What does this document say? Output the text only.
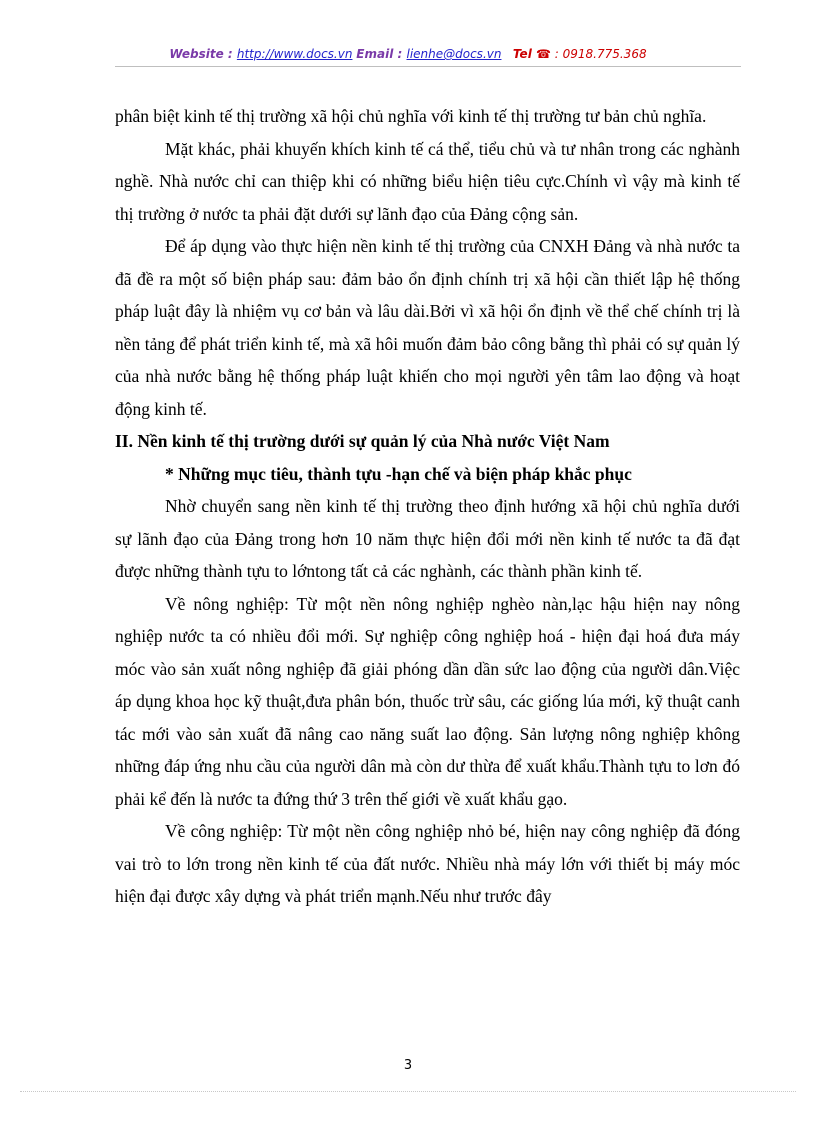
Website : http://www.docs.vn Email : lienhe@docs.vn Tel ☎ : 0918.775.368

phân biệt kinh tế thị trường xã hội chủ nghĩa với kinh tế thị trường tư bản chủ nghĩa.

Mặt khác, phải khuyến khích kinh tế cá thể, tiểu chủ và tư nhân trong các nghành nghề. Nhà nước chỉ can thiệp khi có những biểu hiện tiêu cực.Chính vì vậy mà kinh tế thị trường ở nước ta phải đặt dưới sự lãnh đạo của Đảng cộng sản.

Để áp dụng vào thực hiện nền kinh tế thị trường của CNXH Đảng và nhà nước ta đã đề ra một số biện pháp sau: đảm bảo ổn định chính trị xã hội cần thiết lập hệ thống pháp luật đây là nhiệm vụ cơ bản và lâu dài.Bởi vì xã hội ổn định về thể chế chính trị là nền tảng để phát triển kinh tế, mà xã hôi muốn đảm bảo công bằng thì phải có sự quản lý của nhà nước bằng hệ thống pháp luật khiến cho mọi người yên tâm lao động và hoạt động kinh tế.

II. Nền kinh tế thị trường dưới sự quản lý của Nhà nước Việt Nam
* Những mục tiêu, thành tựu -hạn chế và biện pháp khắc phục

Nhờ chuyển sang nền kinh tế thị trường theo định hướng xã hội chủ nghĩa dưới sự lãnh đạo của Đảng trong hơn 10 năm thực hiện đổi mới nền kinh tế nước ta đã đạt được những thành tựu to lớntong tất cả các nghành, các thành phần kinh tế.

Về nông nghiệp: Từ một nền nông nghiệp nghèo nàn,lạc hậu hiện nay nông nghiệp nước ta có nhiều đổi mới. Sự nghiệp công nghiệp hoá - hiện đại hoá đưa máy móc vào sản xuất nông nghiệp đã giải phóng dần dần sức lao động của người dân.Việc áp dụng khoa học kỹ thuật,đưa phân bón, thuốc trừ sâu, các giống lúa mới, kỹ thuật canh tác mới vào sản xuất đã nâng cao năng suất lao động. Sản lượng nông nghiệp không những đáp ứng nhu cầu của người dân mà còn dư thừa để xuất khẩu.Thành tựu to lơn đó phải kể đến là nước ta đứng thứ 3 trên thế giới về xuất khẩu gạo.

Về công nghiệp: Từ một nền công nghiệp nhỏ bé, hiện nay công nghiệp đã đóng vai trò to lớn trong nền kinh tế của đất nước. Nhiều nhà máy lớn với thiết bị máy móc hiện đại được xây dựng và phát triển mạnh.Nếu như trước đây

3
